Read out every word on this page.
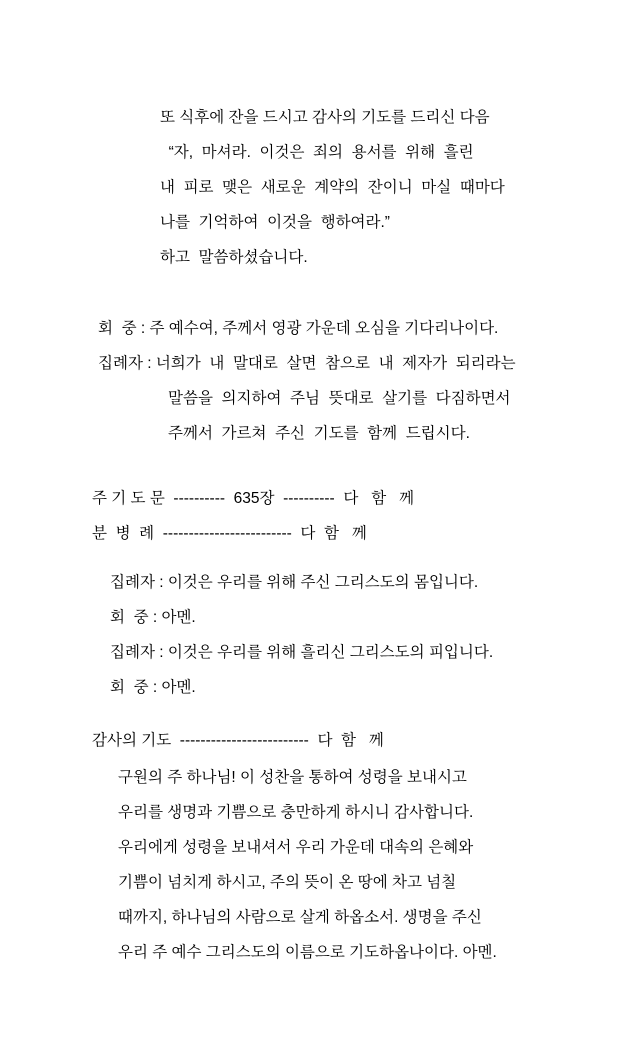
또 식후에 잔을 드시고 감사의 기도를 드리신 다음
“자,  마셔라.  이것은  죄의  용서를  위해  흘린
내  피로  맺은  새로운  계약의  잔이니  마실  때마다
나를  기억하여  이것을  행하여라.”
하고  말씀하셨습니다.
회  중 : 주 예수여, 주께서 영광 가운데 오심을 기다리나이다.
집례자 : 너희가  내  말대로  살면  참으로  내  제자가  되리라는
말씀을  의지하여  주님  뜻대로  살기를  다짐하면서
주께서  가르쳐  주신  기도를  함께  드립시다.
주 기 도 문  ----------  635장  ----------  다   함   께
분  병  례  -------------------------  다  함   께
집례자 : 이것은 우리를 위해 주신 그리스도의 몸입니다.
회  중 : 아멘.
집례자 : 이것은 우리를 위해 흘리신 그리스도의 피입니다.
회  중 : 아멘.
감사의 기도  -------------------------  다  함   께
구원의 주 하나님! 이 성찬을 통하여 성령을 보내시고
우리를 생명과 기쁨으로 충만하게 하시니 감사합니다.
우리에게 성령을 보내셔서 우리 가운데 대속의 은혜와
기쁨이 넘치게 하시고, 주의 뜻이 온 땅에 차고 넘칠
때까지, 하나님의 사람으로 살게 하옵소서. 생명을 주신
우리 주 예수 그리스도의 이름으로 기도하옵나이다. 아멘.
